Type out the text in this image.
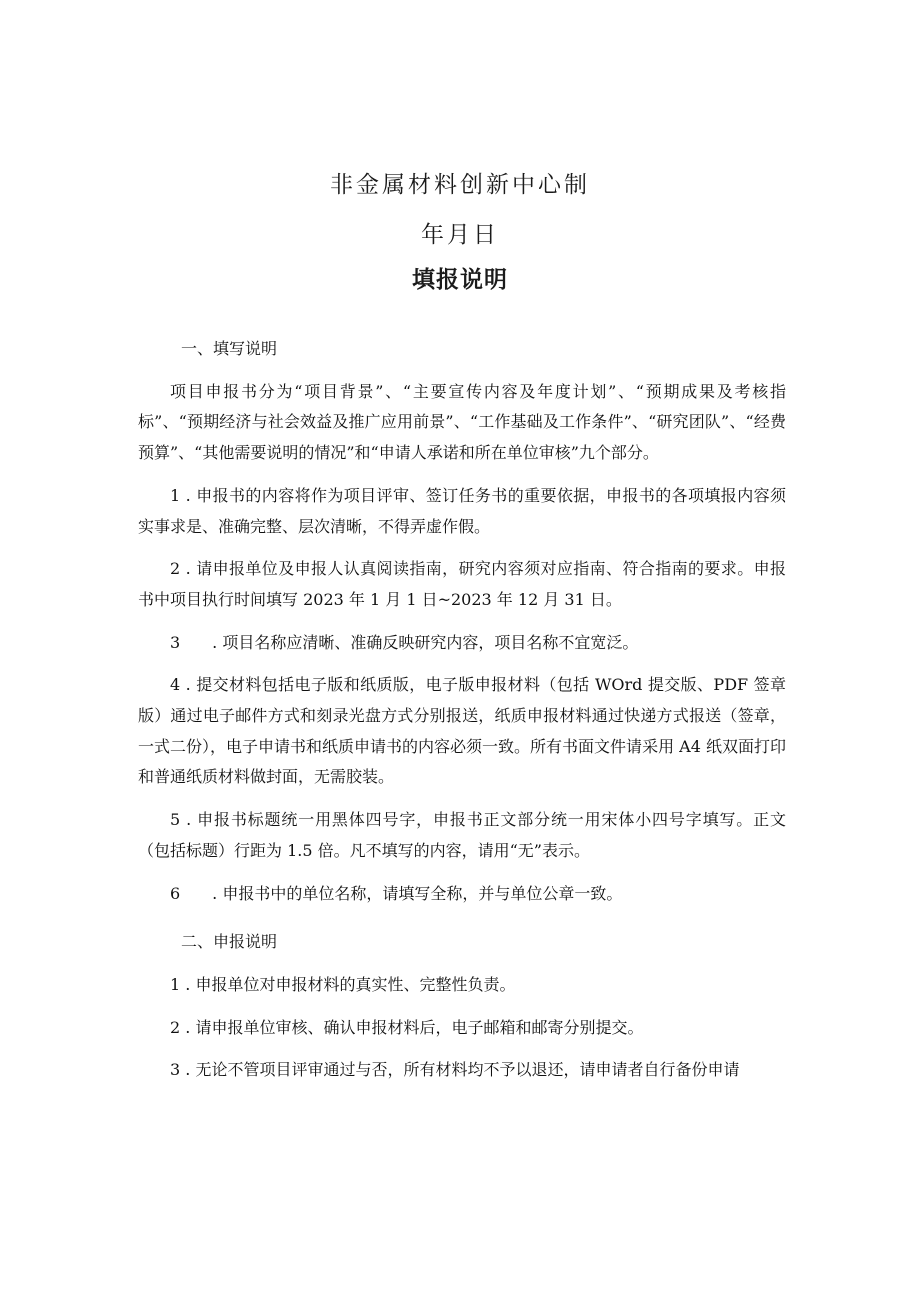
非金属材料创新中心制
年月日
填报说明

一、填写说明

项目申报书分为“项目背景”、“主要宣传内容及年度计划”、“预期成果及考核指标”、“预期经济与社会效益及推广应用前景”、“工作基础及工作条件”、“研究团队”、“经费预算”、“其他需要说明的情况”和“申请人承诺和所在单位审核”九个部分。

1 . 申报书的内容将作为项目评审、签订任务书的重要依据，申报书的各项填报内容须实事求是、准确完整、层次清晰，不得弄虚作假。

2 . 请申报单位及申报人认真阅读指南，研究内容须对应指南、符合指南的要求。申报书中项目执行时间填写 2023 年 1 月 1 日~2023 年 12 月 31 日。

3　　. 项目名称应清晰、准确反映研究内容，项目名称不宜宽泛。

4 . 提交材料包括电子版和纸质版，电子版申报材料（包括 WOrd 提交版、PDF 签章版）通过电子邮件方式和刻录光盘方式分别报送，纸质申报材料通过快递方式报送（签章，一式二份），电子申请书和纸质申请书的内容必须一致。所有书面文件请采用 A4 纸双面打印和普通纸质材料做封面，无需胶装。

5 . 申报书标题统一用黑体四号字，申报书正文部分统一用宋体小四号字填写。正文（包括标题）行距为 1.5 倍。凡不填写的内容，请用“无”表示。

6　　. 申报书中的单位名称，请填写全称，并与单位公章一致。

二、申报说明

1 . 申报单位对申报材料的真实性、完整性负责。

2 . 请申报单位审核、确认申报材料后，电子邮箱和邮寄分别提交。

3 . 无论不管项目评审通过与否，所有材料均不予以退还，请申请者自行备份申请
